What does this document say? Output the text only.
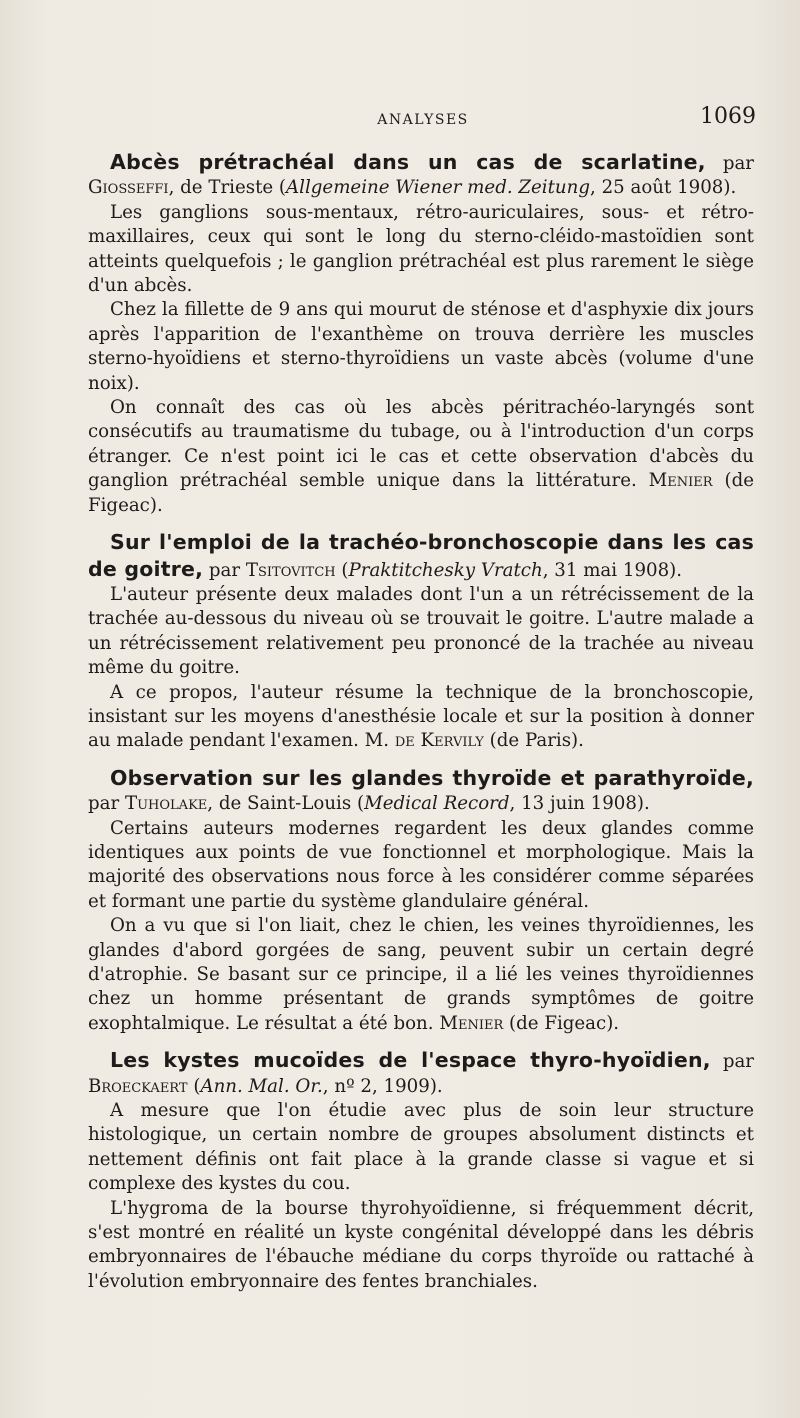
ANALYSES	1069

Abcès prétrachéal dans un cas de scarlatine, par Giosseffi, de Trieste (Allgemeine Wiener med. Zeitung, 25 août 1908).

Les ganglions sous-mentaux, rétro-auriculaires, sous- et rétro-maxillaires, ceux qui sont le long du sterno-cléido-mastoïdien sont atteints quelquefois ; le ganglion prétrachéal est plus rarement le siège d'un abcès.

Chez la fillette de 9 ans qui mourut de sténose et d'asphyxie dix jours après l'apparition de l'exanthème on trouva derrière les muscles sterno-hyoïdiens et sterno-thyroïdiens un vaste abcès (volume d'une noix).

On connaît des cas où les abcès péritrachéo-laryngés sont consécutifs au traumatisme du tubage, ou à l'introduction d'un corps étranger. Ce n'est point ici le cas et cette observation d'abcès du ganglion prétrachéal semble unique dans la littérature. Menier (de Figeac).

Sur l'emploi de la trachéo-bronchoscopie dans les cas de goitre, par Tsitovitch (Praktitchesky Vratch, 31 mai 1908).

L'auteur présente deux malades dont l'un a un rétrécissement de la trachée au-dessous du niveau où se trouvait le goitre. L'autre malade a un rétrécissement relativement peu prononcé de la trachée au niveau même du goitre.

A ce propos, l'auteur résume la technique de la bronchoscopie, insistant sur les moyens d'anesthésie locale et sur la position à donner au malade pendant l'examen. M. de Kervily (de Paris).

Observation sur les glandes thyroïde et parathyroïde, par Tuholake, de Saint-Louis (Medical Record, 13 juin 1908).

Certains auteurs modernes regardent les deux glandes comme identiques aux points de vue fonctionnel et morphologique. Mais la majorité des observations nous force à les considérer comme séparées et formant une partie du système glandulaire général.

On a vu que si l'on liait, chez le chien, les veines thyroïdiennes, les glandes d'abord gorgées de sang, peuvent subir un certain degré d'atrophie. Se basant sur ce principe, il a lié les veines thyroïdiennes chez un homme présentant de grands symptômes de goitre exophtalmique. Le résultat a été bon. Menier (de Figeac).

Les kystes mucoïdes de l'espace thyro-hyoïdien, par Broeckaert (Ann. Mal. Or., nº 2, 1909).

A mesure que l'on étudie avec plus de soin leur structure histologique, un certain nombre de groupes absolument distincts et nettement définis ont fait place à la grande classe si vague et si complexe des kystes du cou.

L'hygroma de la bourse thyrohyoïdienne, si fréquemment décrit, s'est montré en réalité un kyste congénital développé dans les débris embryonnaires de l'ébauche médiane du corps thyroïde ou rattaché à l'évolution embryonnaire des fentes branchiales.
